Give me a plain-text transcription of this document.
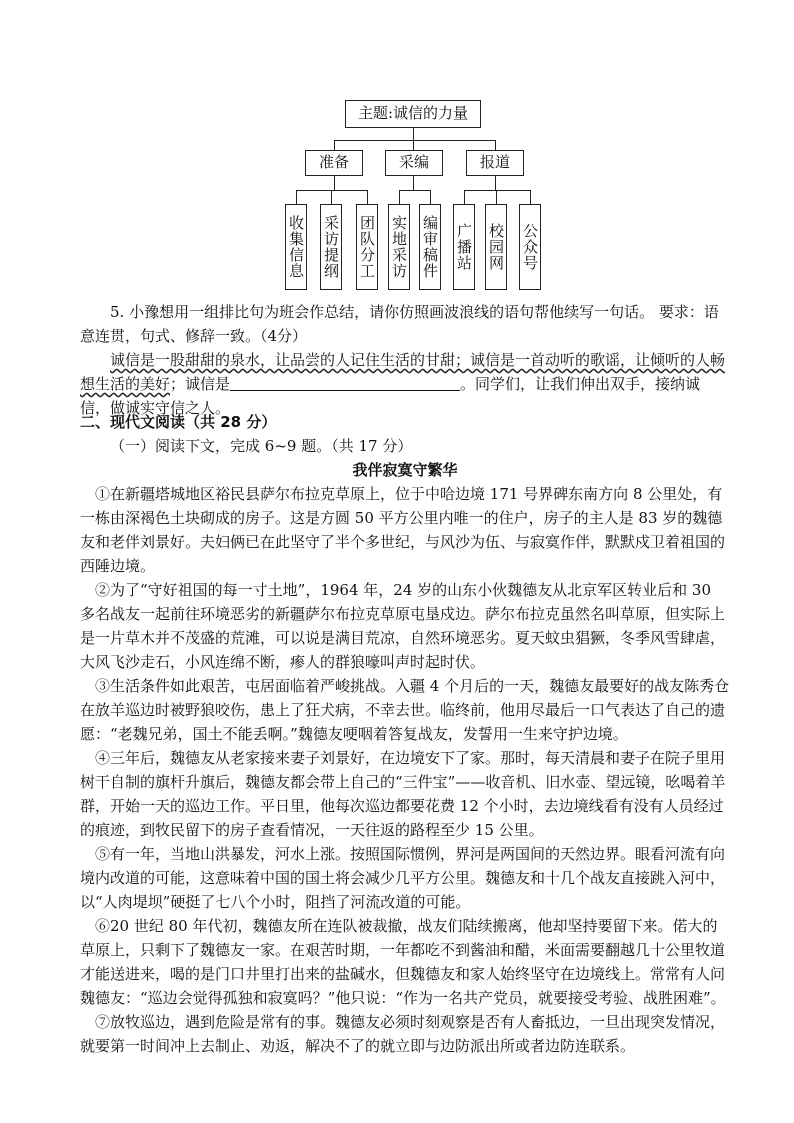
主题:诚信的力量
准备	采编	报道
收集信息 采访提纲 团队分工 实地采访 编审稿件 广播站 校园网 公众号

5. 小豫想用一组排比句为班会作总结，请你仿照画波浪线的语句帮他续写一句话。 要求：语意连贯，句式、修辞一致。（4分）

诚信是一股甜甜的泉水，让品尝的人记住生活的甘甜；诚信是一首动听的歌谣，让倾听的人畅想生活的美好；诚信是	。同学们，让我们伸出双手，接纳诚信，做诚实守信之人。

二、现代文阅读（共 28 分）

（一）阅读下文，完成 6~9 题。（共 17 分）

我伴寂寞守繁华

①在新疆塔城地区裕民县萨尔布拉克草原上，位于中哈边境 171 号界碑东南方向 8 公里处，有一栋由深褐色土块砌成的房子。这是方圆 50 平方公里内唯一的住户，房子的主人是 83 岁的魏德友和老伴刘景好。夫妇俩已在此坚守了半个多世纪，与风沙为伍、与寂寞作伴，默默戍卫着祖国的西陲边境。

②为了“守好祖国的每一寸土地”，1964 年，24 岁的山东小伙魏德友从北京军区转业后和 30 多名战友一起前往环境恶劣的新疆萨尔布拉克草原屯垦戍边。萨尔布拉克虽然名叫草原，但实际上是一片草木并不茂盛的荒滩，可以说是满目荒凉，自然环境恶劣。夏天蚊虫猖獗，冬季风雪肆虐，大风飞沙走石，小风连绵不断，瘆人的群狼嚎叫声时起时伏。

③生活条件如此艰苦，屯居面临着严峻挑战。入疆 4 个月后的一天，魏德友最要好的战友陈秀仓在放羊巡边时被野狼咬伤，患上了狂犬病，不幸去世。临终前，他用尽最后一口气表达了自己的遗愿：“老魏兄弟，国土不能丢啊。”魏德友哽咽着答复战友，发誓用一生来守护边境。

④三年后，魏德友从老家接来妻子刘景好，在边境安下了家。那时，每天清晨和妻子在院子里用树干自制的旗杆升旗后，魏德友都会带上自己的“三件宝”——收音机、旧水壶、望远镜，吆喝着羊群，开始一天的巡边工作。平日里，他每次巡边都要花费 12 个小时，去边境线看有没有人员经过的痕迹，到牧民留下的房子查看情况，一天往返的路程至少 15 公里。

⑤有一年，当地山洪暴发，河水上涨。按照国际惯例，界河是两国间的天然边界。眼看河流有向境内改道的可能，这意味着中国的国土将会减少几平方公里。魏德友和十几个战友直接跳入河中，以“人肉堤坝”硬挺了七八个小时，阻挡了河流改道的可能。

⑥20 世纪 80 年代初，魏德友所在连队被裁撤，战友们陆续搬离，他却坚持要留下来。偌大的草原上，只剩下了魏德友一家。在艰苦时期，一年都吃不到酱油和醋，米面需要翻越几十公里牧道才能送进来，喝的是门口井里打出来的盐碱水，但魏德友和家人始终坚守在边境线上。常常有人问魏德友：“巡边会觉得孤独和寂寞吗？”他只说：“作为一名共产党员，就要接受考验、战胜困难”。

⑦放牧巡边，遇到危险是常有的事。魏德友必须时刻观察是否有人畜抵边，一旦出现突发情况，就要第一时间冲上去制止、劝返，解决不了的就立即与边防派出所或者边防连联系。
